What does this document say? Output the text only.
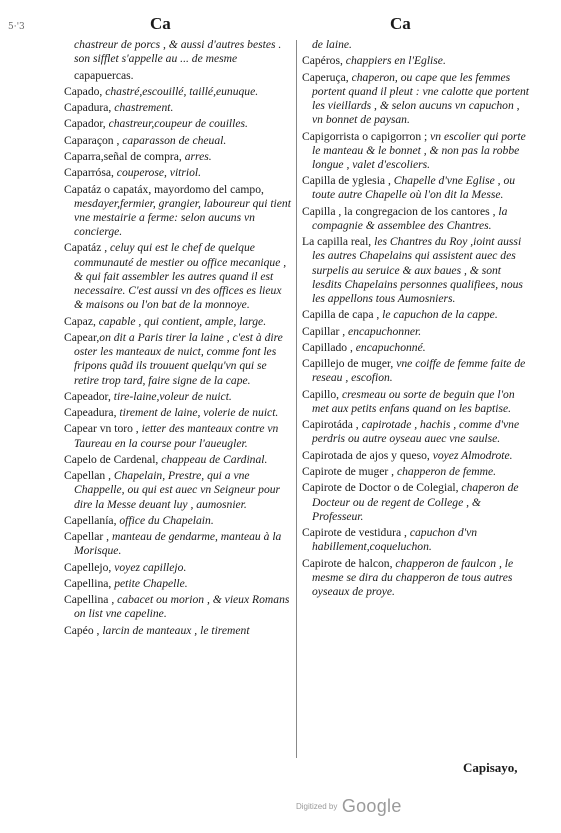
5·'3	Ca	Ca
chastreur de porcs , & aussi d'autres bestes . son sifflet s'appelle au ... de mesme
capapuercas.
Capado, chastré,escouillé, taillé,eunuque.
Capadura, chastrement.
Capador, chastreur,coupeur de couilles.
Caparaçon , caparasson de cheual.
Caparra,señal de compra, arres.
Caparrósa, couperose, vitriol.
Capatáz o capatáx, mayordomo del campo, mesdayer,fermier, grangier, laboureur qui tient vne mestairie a ferme: selon aucuns vn concierge.
Capatáz , celuy qui est le chef de quelque communauté de mestier ou office mecanique , & qui fait assembler les autres quand il est necessaire. C'est aussi vn des offices es lieux & maisons ou l'on bat de la monnoye.
Capaz, capable , qui contient, ample, large.
Capear,on dit a Paris tirer la laine , c'est à dire oster les manteaux de nuict, comme font les fripons quãd ils trouuent quelqu'vn qui se retire trop tard, faire signe de la cape.
Capeador, tire-laine,voleur de nuict.
Capeadura, tirement de laine, volerie de nuict.
Capear vn toro , ietter des manteaux contre vn Taureau en la course pour l'aueugler.
Capelo de Cardenal, chappeau de Cardinal.
Capellan , Chapelain, Prestre, qui a vne Chappelle, ou qui est auec vn Seigneur pour dire la Messe deuant luy , aumosnier.
Capellanía, office du Chapelain.
Capellar , manteau de gendarme, manteau à la Morisque.
Capellejo, voyez capillejo.
Capellina, petite Chapelle.
Capellina , cabacet ou morion , & vieux Romans on list vne capeline.
Capéo , larcin de manteaux , le tirement
de laine.
Capéros, chappiers en l'Eglise.
Caperuça, chaperon, ou cape que les femmes portent quand il pleut : vne calotte que portent les vieillards , & selon aucuns vn capuchon , vn bonnet de paysan.
Capigorrista o capigorron ; vn escolier qui porte le manteau & le bonnet , & non pas la robbe longue , valet d'escoliers.
Capilla de yglesia , Chapelle d'vne Eglise , ou toute autre Chapelle où l'on dit la Messe.
Capilla , la congregacion de los cantores , la compagnie & assemblee des Chantres.
La capilla real, les Chantres du Roy ,ioint aussi les autres Chapelains qui assistent auec des surpelis au seruice & aux baues , & sont lesdits Chapelains personnes qualifiees, nous les appellons tous Aumosniers.
Capilla de capa , le capuchon de la cappe.
Capillar , encapuchonner.
Capillado , encapuchonné.
Capillejo de muger, vne coiffe de femme faite de reseau , escofion.
Capillo, cresmeau ou sorte de beguin que l'on met aux petits enfans quand on les baptise.
Capirotáda , capirotade , hachis , comme d'vne perdris ou autre oyseau auec vne saulse.
Capirotada de ajos y queso, voyez Almodrote.
Capirote de muger , chapperon de femme.
Capirote de Doctor o de Colegial, chaperon de Docteur ou de regent de College , & Professeur.
Capirote de vestidura , capuchon d'vn habillement,coqueluchon.
Capirote de halcon, chapperon de faulcon , le mesme se dira du chapperon de tous autres oyseaux de proye.
Capisayo,
Digitized by Google
